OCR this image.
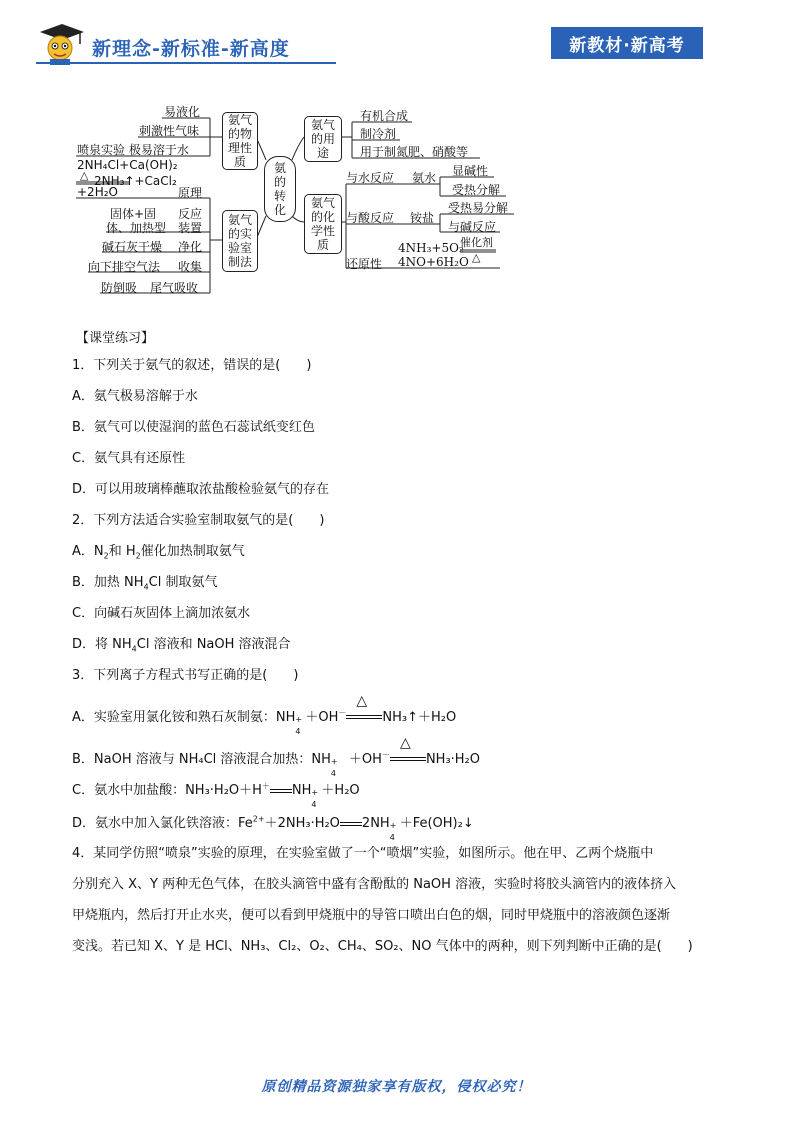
新理念-新标准-新高度	新教材·新高考
易液化
刺激性气味
喷泉实验 极易溶于水
氨气的物理性质
2NH₄Cl+Ca(OH)₂
△ 2NH₃↑+CaCl₂
+2H₂O	原理
固体+固
体、加热型
反应
装置
碱石灰干燥 净化
向下排空气法 收集
防倒吸 尾气吸收
氨气的实验室制法
氨的转化
氨气的用途
有机合成
制冷剂
用于制氮肥、硝酸等
氨气的化学性质
与水反应 氨水 显碱性
受热分解
与酸反应 铵盐
受热易分解
与碱反应
4NH₃+5O₂
催化剂
△
还原性 4NO+6H₂O
【课堂练习】
1．下列关于氨气的叙述，错误的是(　　)
A．氨气极易溶解于水
B．氨气可以使湿润的蓝色石蕊试纸变红色
C．氨气具有还原性
D．可以用玻璃棒蘸取浓盐酸检验氨气的存在
2．下列方法适合实验室制取氨气的是(　　)
A．$N_2$和 $H_2$催化加热制取氨气
B．加热 $NH_4Cl$ 制取氨气
C．向碱石灰固体上滴加浓氨水
D．将 $NH_4Cl$ 溶液和 NaOH 溶液混合
3．下列离子方程式书写正确的是(　　)
A．实验室用氯化铵和熟石灰制氨：NH +
4
＋OH－
△
NH₃↑＋H₂O
B．NaOH 溶液与 NH₄Cl 溶液混合加热：NH +
4
＋OH－
△
NH₃·H₂O
C．氨水中加盐酸：NH₃·H₂O＋H＋ NH +
4
＋H₂O
D．氨水中加入氯化铁溶液：$Fe^{2+}+2NH_3\cdot H_2O$ 2NH +
4
＋Fe(OH)₂↓
4．某同学仿照“喷泉”实验的原理，在实验室做了一个“喷烟”实验，如图所示。他在甲、乙两个烧瓶中
分别充入 X、Y 两种无色气体，在胶头滴管中盛有含酚酞的 NaOH 溶液，实验时将胶头滴管内的液体挤入
甲烧瓶内，然后打开止水夹，便可以看到甲烧瓶中的导管口喷出白色的烟，同时甲烧瓶中的溶液颜色逐渐
变浅。若已知 X、Y 是 HCl、NH₃、Cl₂、O₂、CH₄、SO₂、NO 气体中的两种，则下列判断中正确的是(　　)
原创精品资源独家享有版权，侵权必究！
